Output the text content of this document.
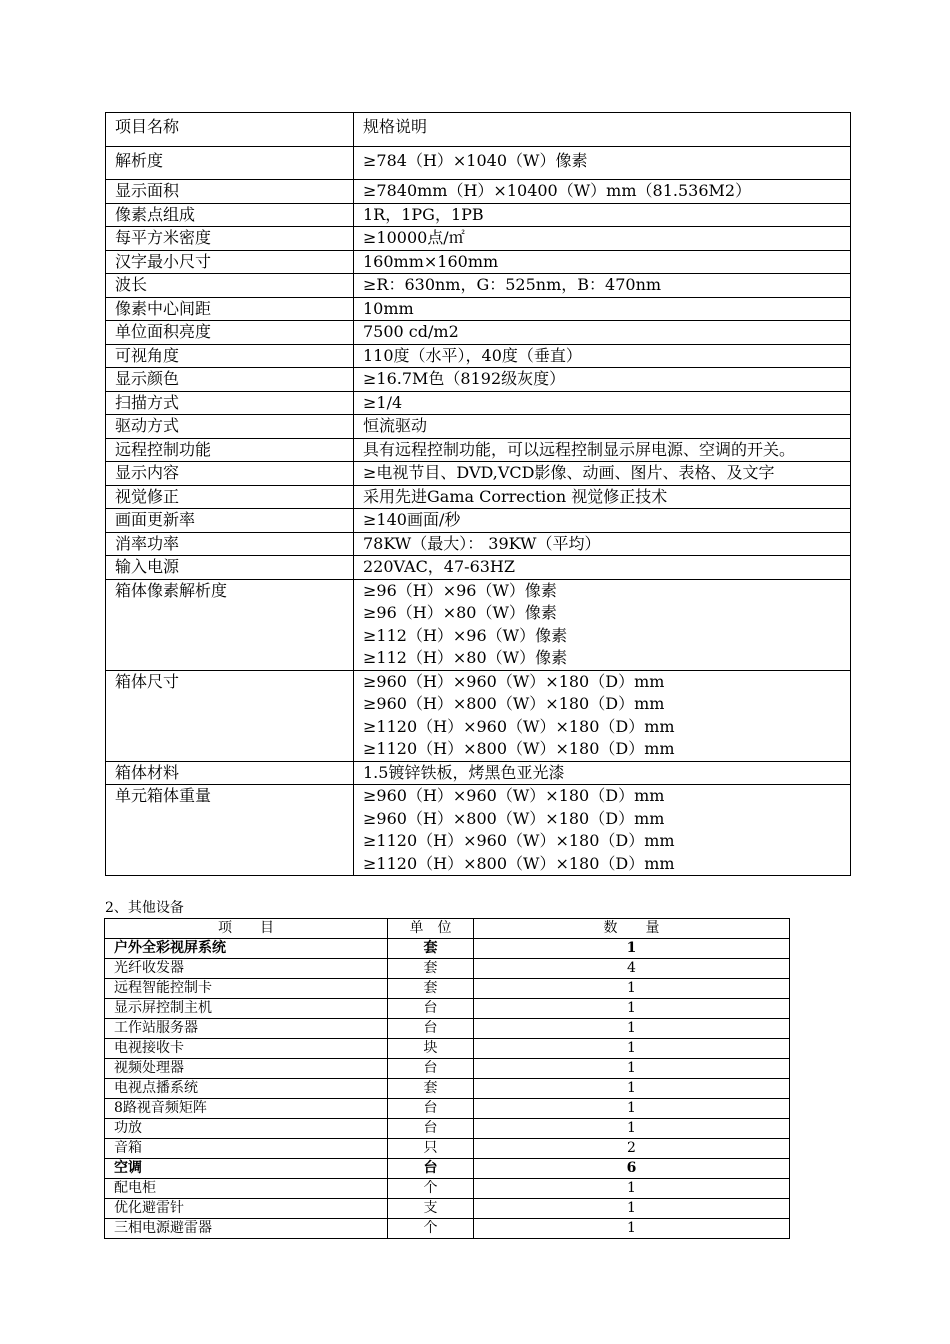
项目名称	规格说明
解析度	≥784（H）×1040（W）像素

显示面积	≥7840mm（H）×10400（W）mm（81.536M2）

像素点组成	1R，1PG，1PB

每平方米密度	≥10000点/㎡

汉字最小尺寸	160mm×160mm

波长	≥R：630nm，G：525nm，B：470nm

像素中心间距	10mm

单位面积亮度	7500 cd/m2

可视角度	110度（水平），40度（垂直）

显示颜色	≥16.7M色（8192级灰度）

扫描方式	≥1/4

驱动方式	恒流驱动

远程控制功能	具有远程控制功能，可以远程控制显示屏电源、空调的开关。

显示内容	≥电视节目、DVD,VCD影像、动画、图片、表格、及文字

视觉修正	采用先进Gama Correction 视觉修正技术

画面更新率	≥140画面/秒

消率功率	78KW（最大）： 39KW（平均）

输入电源	220VAC，47-63HZ

箱体像素解析度	≥96（H）×96（W）像素
≥96（H）×80（W）像素
≥112（H）×96（W）像素
≥112（H）×80（W）像素

箱体尺寸	≥960（H）×960（W）×180（D）mm
≥960（H）×800（W）×180（D）mm
≥1120（H）×960（W）×180（D）mm
≥1120（H）×800（W）×180（D）mm

箱体材料	1.5镀锌铁板，烤黑色亚光漆

单元箱体重量	≥960（H）×960（W）×180（D）mm
≥960（H）×800（W）×180（D）mm
≥1120（H）×960（W）×180（D）mm
≥1120（H）×800（W）×180（D）mm
2、其他设备
项　　目	单　位	数　　量
户外全彩视屏系统	套	1
光纤收发器	套	4
远程智能控制卡	套	1
显示屏控制主机	台	1
工作站服务器	台	1
电视接收卡	块	1
视频处理器	台	1
电视点播系统	套	1
8路视音频矩阵	台	1
功放	台	1
音箱	只	2
空调	台	6
配电柜	个	1
优化避雷针	支	1
三相电源避雷器	个	1
